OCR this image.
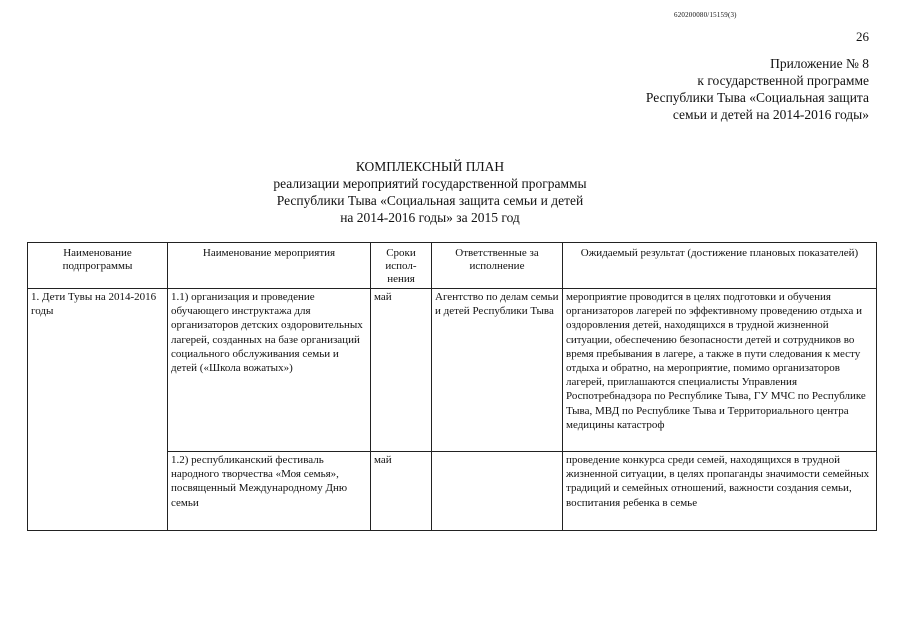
620200080/15159(3)
26
Приложение № 8
к государственной программе
Республики Тыва «Социальная защита
семьи и детей на 2014-2016 годы»
КОМПЛЕКСНЫЙ ПЛАН
реализации мероприятий государственной программы
Республики Тыва «Социальная защита семьи и детей
на 2014-2016 годы» за 2015 год
Наименование подпрограммы	Наименование мероприятия	Сроки испол-нения	Ответственные за исполнение	Ожидаемый результат (достижение плановых показателей)
1. Дети Тувы на 2014-2016 годы	1.1) организация и проведение обучающего инструктажа для организаторов детских оздоровительных лагерей, созданных на базе организаций социального обслуживания семьи и детей («Школа вожатых»)	май	Агентство по делам семьи и детей Республики Тыва	мероприятие проводится в целях подготовки и обучения организаторов лагерей по эффективному проведению отдыха и оздоровления детей, находящихся в трудной жизненной ситуации, обеспечению безопасности детей и сотрудников во время пребывания в лагере, а также в пути следования к месту отдыха и обратно, на мероприятие, помимо организаторов лагерей, приглашаются специалисты Управления Роспотребнадзора по Республике Тыва, ГУ МЧС по Республике Тыва, МВД по Республике Тыва и Территориального центра медицины катастроф
	1.2) республиканский фестиваль народного творчества «Моя семья», посвященный Международному Дню семьи	май		проведение конкурса среди семей, находящихся в трудной жизненной ситуации, в целях пропаганды значимости семейных традиций и семейных отношений, важности создания семьи, воспитания ребенка в семье
